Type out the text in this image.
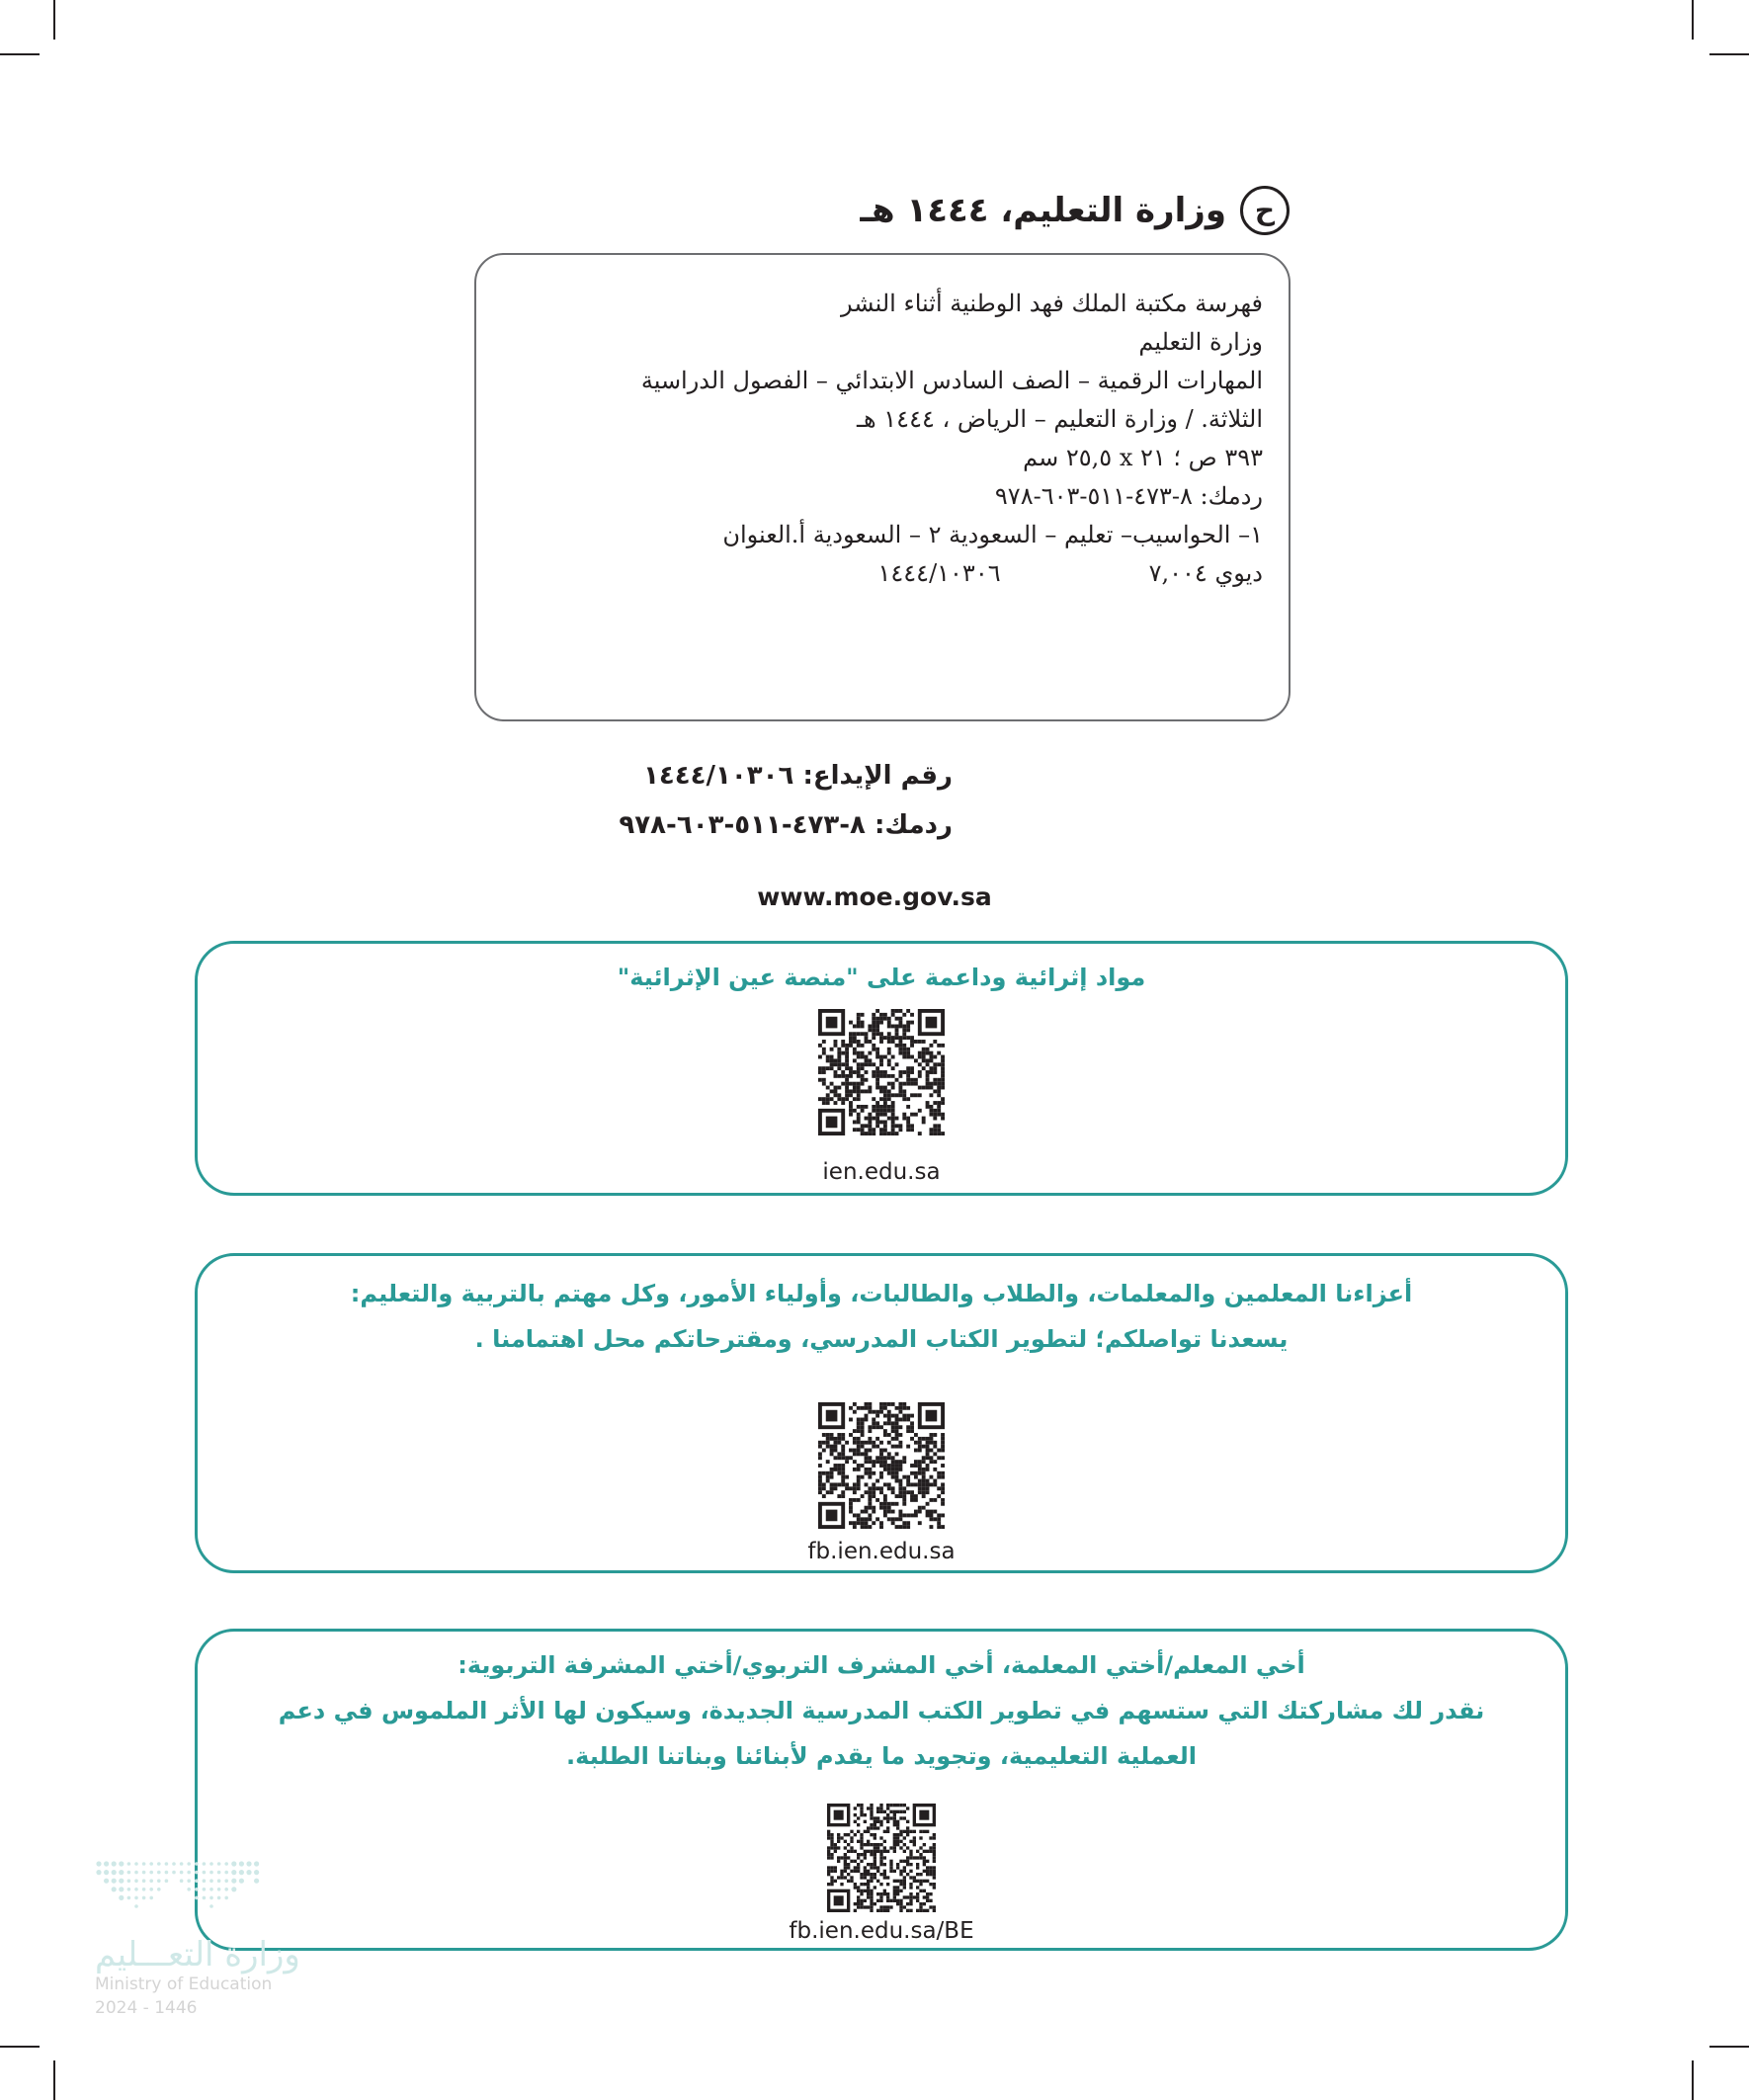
ح
وزارة التعليم، ١٤٤٤ هـ
فهرسة مكتبة الملك فهد الوطنية أثناء النشر
وزارة التعليم
المهارات الرقمية – الصف السادس الابتدائي – الفصول الدراسية
الثلاثة. / وزارة التعليم – الرياض ، ١٤٤٤ هـ
٣٩٣ ص ؛ ٢١ x ٢٥,٥ سم
ردمك: ٨-٤٧٣-٥١١-٦٠٣-٩٧٨
١– الحواسيب– تعليم – السعودية ٢ – السعودية أ.العنوان
ديوي ٧,٠٠٤
١٤٤٤/١٠٣٠٦
رقم الإيداع: ١٤٤٤/١٠٣٠٦
ردمك: ٨-٤٧٣-٥١١-٦٠٣-٩٧٨
www.moe.gov.sa
مواد إثرائية وداعمة على "منصة عين الإثرائية"
ien.edu.sa
أعزاءنا المعلمين والمعلمات، والطلاب والطالبات، وأولياء الأمور، وكل مهتم بالتربية والتعليم:
يسعدنا تواصلكم؛ لتطوير الكتاب المدرسي، ومقترحاتكم محل اهتمامنا .
fb.ien.edu.sa
أخي المعلم/أختي المعلمة، أخي المشرف التربوي/أختي المشرفة التربوية:
نقدر لك مشاركتك التي ستسهم في تطوير الكتب المدرسية الجديدة، وسيكون لها الأثر الملموس في دعم
العملية التعليمية، وتجويد ما يقدم لأبنائنا وبناتنا الطلبة.
fb.ien.edu.sa/BE
وزارة التعـــليم
Ministry of Education
2024 - 1446
